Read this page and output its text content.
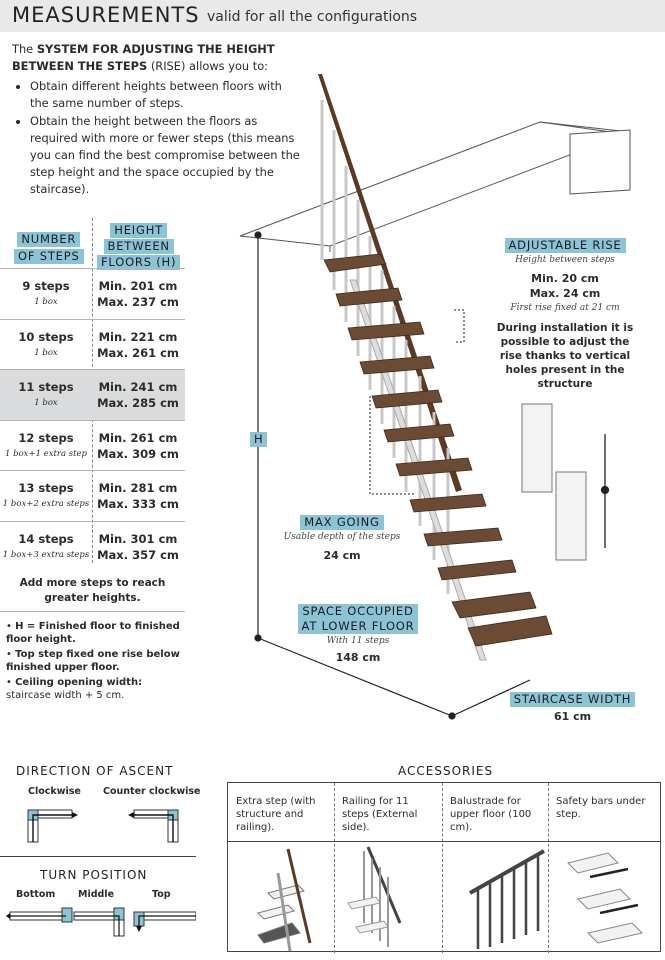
MEASUREMENTS valid for all the configurations
The SYSTEM FOR ADJUSTING THE HEIGHT BETWEEN THE STEPS (RISE) allows you to:
• Obtain different heights between floors with the same number of steps.
• Obtain the height between the floors as required with more or fewer steps (this means you can find the best compromise between the step height and the space occupied by the staircase).
NUMBER
OF STEPS
HEIGHT
BETWEEN
FLOORS (H)
9 steps
1 box
Min. 201 cm
Max. 237 cm
10 steps
1 box
Min. 221 cm
Max. 261 cm
11 steps
1 box
Min. 241 cm
Max. 285 cm
12 steps
1 box+1 extra step
Min. 261 cm
Max. 309 cm
13 steps
1 box+2 extra steps
Min. 281 cm
Max. 333 cm
14 steps
1 box+3 extra steps
Min. 301 cm
Max. 357 cm
Add more steps to reach greater heights.

• H = Finished floor to finished floor height.

• Top step fixed one rise below finished upper floor.

• Ceiling opening width: staircase width + 5 cm.

H
ADJUSTABLE RISE
Height between steps
Min. 20 cm
Max. 24 cm
First rise fixed at 21 cm
During installation it is possible to adjust the rise thanks to vertical holes present in the structure
MAX GOING
Usable depth of the steps
24 cm
SPACE OCCUPIED
AT LOWER FLOOR
With 11 steps
148 cm
STAIRCASE WIDTH
61 cm
DIRECTION OF ASCENT
Clockwise Counter clockwise
TURN POSITION
Bottom Middle	Top
ACCESSORIES
Extra step (with structure and railing).
Railing for 11 steps (External side).
Balustrade for upper floor (100 cm).
Safety bars under step.
